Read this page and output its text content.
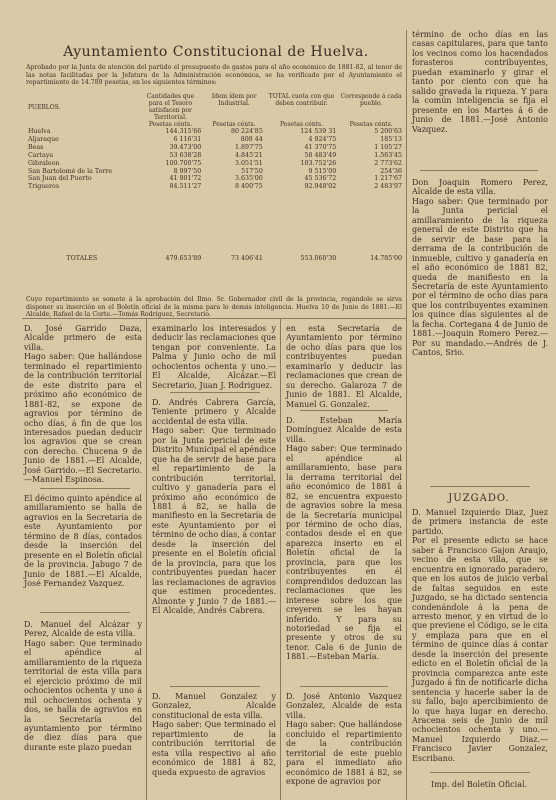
Ayuntamiento Constitucional de Huelva.
Aprobado por la Junta de atención del partido el presupuesto de gastos para el año económico de 1881-82, al tenor de las notas facilitadas por la Jefatura de la Administración económica, se ha verificado por el Ayuntamiento el repartimiento de 14.789 pesetas, en los siguientes términos:
PUEBLOS.	Cantidades que para el Tesoro satisfacen por Territorial.	Idem ídem por Industrial.	TOTAL cuota con que deben contribuir.	Corresponde á cada pueblo.
	Pesetas cénts.	Pesetas cénts.	Pesetas cénts.	Pesetas cénts.
Huelva	144.315'66	80 224'85	124 539 31	5 200'63
Aljaraque	6 116'31	808 44	4 924'75	185'13
Beas	39.473'00	1.897'75	41 370'75	1 105'27
Cartaya	53 638'28	4.845'21	58 483'49	1.563'45
Gibraleon	100.700'75	3.051'51	103.752'26	2 773'62
San Bartolomé de la Torre	8 997'50	517'50	9 515'00	254'36
San Juan del Puerto	41 901'72	3.635'00	45 536'72	1 217'67
Trigueros	84.511'27	8 400'75	92.948'02	2 483'97

TOTALES	479.653'89	73 406'41	553.060'30	14.785'00
Cuyo repartimiento se somete á la aprobación del Ilmo. Sr. Gobernador civil de la provincia, rogándole se sirva disponer su inserción en el Boletín oficial de la misma para lo demás inteligencia. Huelva 10 de Junio de 1881.—El Alcalde, Rafael de la Corte.—Tomás Rodríguez, Secretario.
término de ocho días en las casas capitulares, para que tanto los vecinos como los hacendados forasteros contribuyentes, puedan examinarlo y girar el tanto por ciento con que ha salido gravada la riqueza. Y para la común inteligencia se fija el presente en los Martes á 6 de Junio de 1881.—José Antonio Vazquez.
Don Joaquin Romero Perez, Alcalde de esta villa.
Hago saber: Que terminado por la Junta pericial el amillaramiento de la riqueza general de este Distrito que ha de servir de base para la derrama de la contribución de inmueble, cultivo y ganadería en el año económico de 1881 82, queda de manifiesto en la Secretaría de este Ayuntamiento por el término de ocho días para que los contribuyentes examinen los quince días siguientes al de la fecha. Cortegana 4 de Junio de 1881.—Joaquin Romero Perez.—Por su mandado.—Andrés de J. Cantos, Srio.
JUZGADO.
D. Manuel Izquierdo Diaz, Juez de primera instancia de este partido.
Por el presente edicto se hace saber á Francisco Gajon Araujo, vecino de esta villa, que se encuentra en ignorado paradero, que en los autos de juicio verbal de faltas seguidos en este Juzgado, se ha dictado sentencia condenándole á la pena de arresto menor, y en virtud de lo que previene el Código, se le cita y emplaza para que en el término de quince días á contar desde la inserción del presente edicto en el Boletín oficial de la provincia comparezca ante este Juzgado á fin de notificarle dicha sentencia y hacerle saber la de su fallo, bajo apercibimiento de lo que haya lugar en derecho. Aracena seis de Junio de mil ochocientos ochenta y uno.—Manuel Izquierdo Diaz.—Francisco Javier Gonzalez, Escribano.
Imp. del Boletín Oficial.
D. José Garrido Daza, Alcalde primero de esta villa.
Hago saber: Que hallándose terminado el repartimiento de la contribución territorial de este distrito para el próximo año económico de 1881-82, se expone de agravios por término de ocho días, á fin de que los interesados puedan deducir los agravios que se crean con derecho. Chucena 9 de Junio de 1881.—El Alcalde, José Garrido.—El Secretario.—Manuel Espinosa.
El décimo quinto apéndice al amillaramiento se halla de agravios en la Secretaría de este Ayuntamiento por término de 8 días, contados desde la inserción del presente en el Boletín oficial de la provincia. Jabugo 7 de Junio de 1881.—El Alcalde, José Fernandez Vazquez.
D. Manuel del Alcázar y Perez, Alcalde de esta villa.
Hago saber: Que terminado el apéndice al amillaramiento de la riqueza territorial de esta villa para el ejercicio próximo de mil ochocientos ochenta y uno á mil ochocientos ochenta y dos, se halla de agravios en la Secretaría del ayuntamiento por término de diez días para que durante este plazo puedan
examinarlo los interesados y deducir las reclamaciones que tengan por conveniente. La Palma y Junio ocho de mil ochocientos ochenta y uno.—El Alcalde, Alcázar.—El Secretario, Juan J. Rodriguez.
D. Andrés Cabrera García, Teniente primero y Alcalde accidental de esta villa.
Hago saber: Que terminado por la Junta pericial de este Distrito Municipal el apéndice que ha de servir de base para el repartimiento de la contribución territorial, cultivo y ganadería para el próximo año económico de 1881 á 82, se halla de manifiesto en la Secretaría de este Ayuntamiento por el término de ocho días, á contar desde la inserción del presente en el Boletín oficial de la provincia, para que los contribuyentes puedan hacer las reclamaciones de agravios que estimen procedentes. Almonte y Junio 7 de 1881.—El Alcalde, Andrés Cabrera.
D. Manuel Gonzalez y Gonzalez, Alcalde constitucional de esta villa.
Hago saber: Que terminado el repartimiento de la contribución territorial de esta villa respectivo al año económico de 1881 á 82, queda expuesto de agravios
en esta Secretaría de Ayuntamiento por término de ocho días para que los contribuyentes puedan examinarlo y deducir las reclamaciones que crean de su derecho. Galaroza 7 de Junio de 1881. El Alcalde, Manuel G. Gonzalez.
D. Esteban María Domínguez Alcalde de esta villa.
Hago saber: Que terminado el apéndice al amillaramiento, base para la derrama territorial del año económico de 1881 á 82, se encuentra expuesto de agravios sobre la mesa de la Secretaría municipal por término de ocho días, contados desde el en que aparezca inserto en el Boletín oficial de la provincia, para que los contribuyentes en él comprendidos deduzcan las reclamaciones que les interese sobre los que creyeren se les hayan inferido. Y para su notoriedad se fija el presente y otros de su tenor. Cala 6 de Junio de 1881.—Esteban María.
D. José Antonio Vazquez Gonzalez, Alcalde de esta villa.
Hago saber: Que hallándose concluido el repartimiento de la contribución territorial de este pueblo para el inmediato año económico de 1881 á 82, se expone de agravios por
